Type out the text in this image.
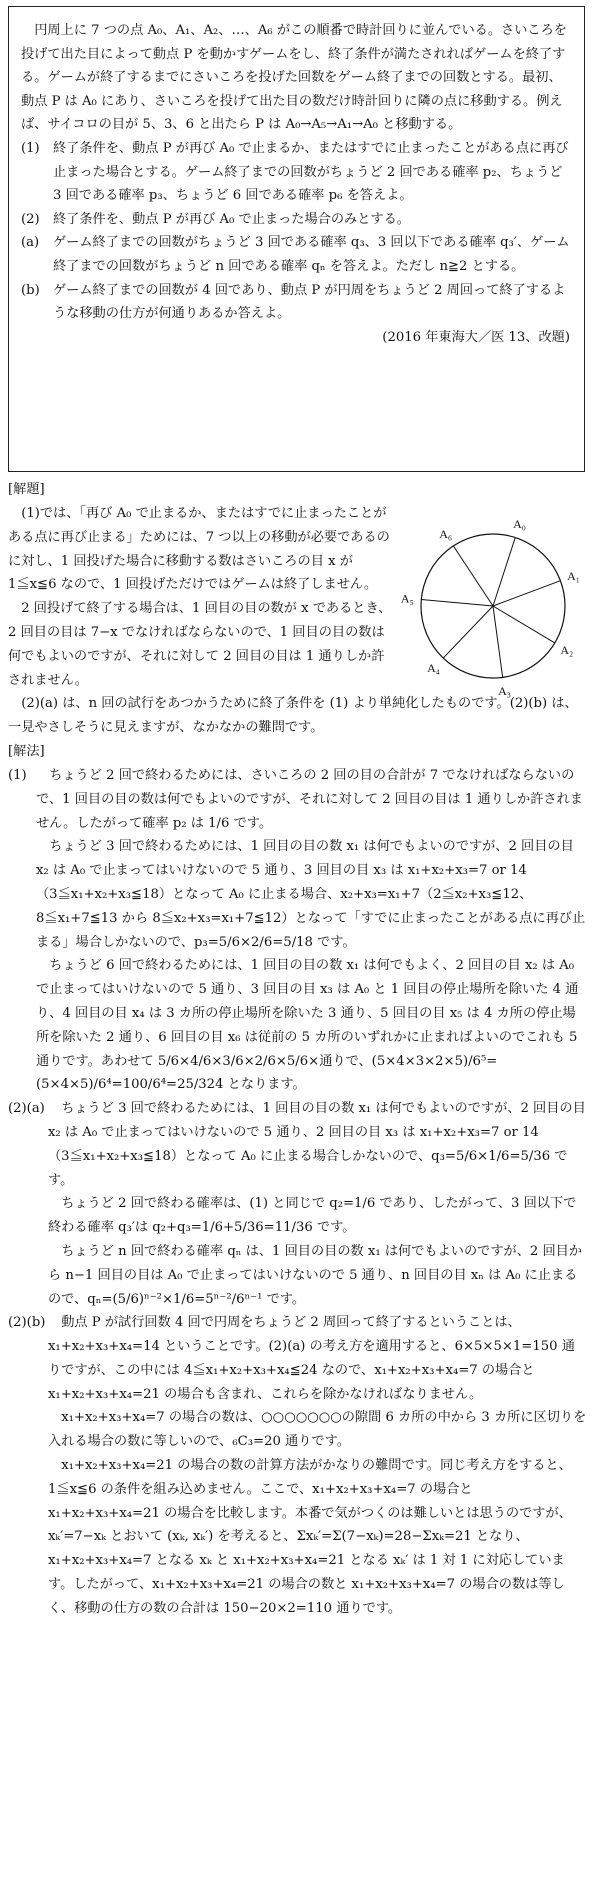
円周上に 7 つの点 A₀、A₁、A₂、…、A₆ がこの順番で時計回りに並んでいる。さいころを投げて出た目によって動点 P を動かすゲームをし、終了条件が満たされればゲームを終了する。ゲームが終了するまでにさいころを投げた回数をゲーム終了までの回数とする。最初、動点 P は A₀ にあり、さいころを投げて出た目の数だけ時計回りに隣の点に移動する。例えば、サイコロの目が 5、3、6 と出たら P は A₀→A₅→A₁→A₀ と移動する。

(1)	終了条件を、動点 P が再び A₀ で止まるか、またはすでに止まったことがある点に再び止まった場合とする。ゲーム終了までの回数がちょうど 2 回である確率 p₂、ちょうど 3 回である確率 p₃、ちょうど 6 回である確率 p₆ を答えよ。
(2)	終了条件を、動点 P が再び A₀ で止まった場合のみとする。
(a)	ゲーム終了までの回数がちょうど 3 回である確率 q₃、3 回以下である確率 q₃′、ゲーム終了までの回数がちょうど n 回である確率 qₙ を答えよ。ただし n≧2 とする。
(b)	ゲーム終了までの回数が 4 回であり、動点 P が円周をちょうど 2 周回って終了するような移動の仕方が何通りあるか答えよ。

(2016 年東海大／医 13、改題)

[解題]

(1)では、「再び A₀ で止まるか、またはすでに止まったことがある点に再び止まる」ためには、7 つ以上の移動が必要であるのに対し、1 回投げた場合に移動する数はさいころの目 x が 1≦x≦6 なので、1 回投げただけではゲームは終了しません。

2 回投げて終了する場合は、1 回目の目の数が x であるとき、2 回目の目は 7−x でなければならないので、1 回目の目の数は何でもよいのですが、それに対して 2 回目の目は 1 通りしか許されません。

(2)(a) は、n 回の試行をあつかうために終了条件を (1) より単純化したものです。(2)(b) は、一見やさしそうに見えますが、なかなかの難問です。

[解法]

(1)	ちょうど 2 回で終わるためには、さいころの 2 回の目の合計が 7 でなければならないので、1 回目の目の数は何でもよいのですが、それに対して 2 回目の目は 1 通りしか許されません。したがって確率 p₂ は 1/6 です。

ちょうど 3 回で終わるためには、1 回目の目の数 x₁ は何でもよいのですが、2 回目の目 x₂ は A₀ で止まってはいけないので 5 通り、3 回目の目 x₃ は x₁+x₂+x₃=7 or 14（3≦x₁+x₂+x₃≦18）となって A₀ に止まる場合、x₂+x₃=x₁+7（2≦x₂+x₃≦12、8≦x₁+7≦13 から 8≦x₂+x₃=x₁+7≦12）となって「すでに止まったことがある点に再び止まる」場合しかないので、p₃=5/6×2/6=5/18 です。

ちょうど 6 回で終わるためには、1 回目の目の数 x₁ は何でもよく、2 回目の目 x₂ は A₀ で止まってはいけないので 5 通り、3 回目の目 x₃ は A₀ と 1 回目の停止場所を除いた 4 通り、4 回目の目 x₄ は 3 カ所の停止場所を除いた 3 通り、5 回目の目 x₅ は 4 カ所の停止場所を除いた 2 通り、6 回目の目 x₆ は従前の 5 カ所のいずれかに止まればよいのでこれも 5 通りです。あわせて 5/6×4/6×3/6×2/6×5/6×通りで、(5×4×3×2×5)/6⁵=(5×4×5)/6⁴=100/6⁴=25/324 となります。

(2)(a)	ちょうど 3 回で終わるためには、1 回目の目の数 x₁ は何でもよいのですが、2 回目の目 x₂ は A₀ で止まってはいけないので 5 通り、2 回目の目 x₃ は x₁+x₂+x₃=7 or 14（3≦x₁+x₂+x₃≦18）となって A₀ に止まる場合しかないので、q₃=5/6×1/6=5/36 です。

ちょうど 2 回で終わる確率は、(1) と同じで q₂=1/6 であり、したがって、3 回以下で終わる確率 q₃′は q₂+q₃=1/6+5/36=11/36 です。

ちょうど n 回で終わる確率 qₙ は、1 回目の目の数 x₁ は何でもよいのですが、2 回目から n−1 回目の目は A₀ で止まってはいけないので 5 通り、n 回目の目 xₙ は A₀ に止まるので、qₙ=(5/6)ⁿ⁻²×1/6=5ⁿ⁻²/6ⁿ⁻¹ です。

(2)(b)	動点 P が試行回数 4 回で円周をちょうど 2 周回って終了するということは、x₁+x₂+x₃+x₄=14 ということです。(2)(a) の考え方を適用すると、6×5×5×1=150 通りですが、この中には 4≦x₁+x₂+x₃+x₄≦24 なので、x₁+x₂+x₃+x₄=7 の場合と x₁+x₂+x₃+x₄=21 の場合も含まれ、これらを除かなければなりません。

x₁+x₂+x₃+x₄=7 の場合の数は、○○○○○○○の隙間 6 カ所の中から 3 カ所に区切りを入れる場合の数に等しいので、₆C₃=20 通りです。

x₁+x₂+x₃+x₄=21 の場合の数の計算方法がかなりの難問です。同じ考え方をすると、1≦x≦6 の条件を組み込めません。ここで、x₁+x₂+x₃+x₄=7 の場合と x₁+x₂+x₃+x₄=21 の場合を比較します。本番で気がつくのは難しいとは思うのですが、xₖ′=7−xₖ とおいて (xₖ, xₖ′) を考えると、Σxₖ′=Σ(7−xₖ)=28−Σxₖ=21 となり、x₁+x₂+x₃+x₄=7 となる xₖ と x₁+x₂+x₃+x₄=21 となる xₖ′ は 1 対 1 に対応しています。したがって、x₁+x₂+x₃+x₄=21 の場合の数と x₁+x₂+x₃+x₄=7 の場合の数は等しく、移動の仕方の数の合計は 150−20×2=110 通りです。

A₀
A₁
A₂
A₃
A₄
A₅
A₆
